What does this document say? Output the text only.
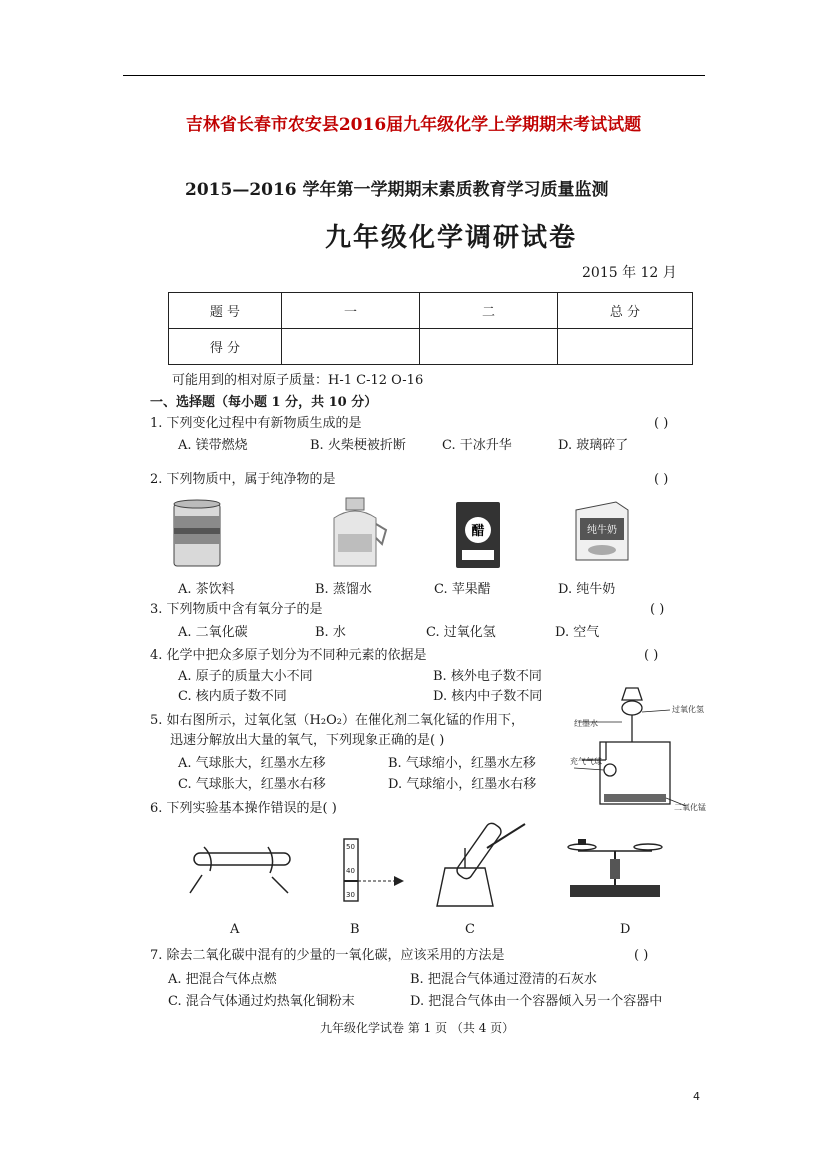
吉林省长春市农安县2016届九年级化学上学期期末考试试题
2015—2016 学年第一学期期末素质教育学习质量监测
九年级化学调研试卷
2015 年 12 月
题 号	一	二	总 分
得 分			
可能用到的相对原子质量：H-1 C-12 O-16
一、选择题（每小题 1 分，共 10 分）
1. 下列变化过程中有新物质生成的是	( )
A. 镁带燃烧	B. 火柴梗被折断	C. 干冰升华	D. 玻璃碎了
2. 下列物质中，属于纯净物的是	( )
醋	纯牛奶
A. 茶饮料	B. 蒸馏水	C. 苹果醋	D. 纯牛奶
3. 下列物质中含有氧分子的是	( )
A. 二氧化碳	B. 水	C. 过氧化氢	D. 空气
4. 化学中把众多原子划分为不同种元素的依据是	( )
A. 原子的质量大小不同	B. 核外电子数不同
C. 核内质子数不同	D. 核内中子数不同
5. 如右图所示，过氧化氢（H₂O₂）在催化剂二氧化锰的作用下，
迅速分解放出大量的氧气，下列现象正确的是( )
A. 气球胀大，红墨水左移	B. 气球缩小，红墨水左移
C. 气球胀大，红墨水右移	D. 气球缩小，红墨水右移
红墨水
过氧化氢
充气气球
二氧化锰
6. 下列实验基本操作错误的是( )
50
40
30
A	B	C	D
7. 除去二氧化碳中混有的少量的一氧化碳，应该采用的方法是	( )
A. 把混合气体点燃	B. 把混合气体通过澄清的石灰水
C. 混合气体通过灼热氧化铜粉末	D. 把混合气体由一个容器倾入另一个容器中
九年级化学试卷 第 1 页 （共 4 页）
4
